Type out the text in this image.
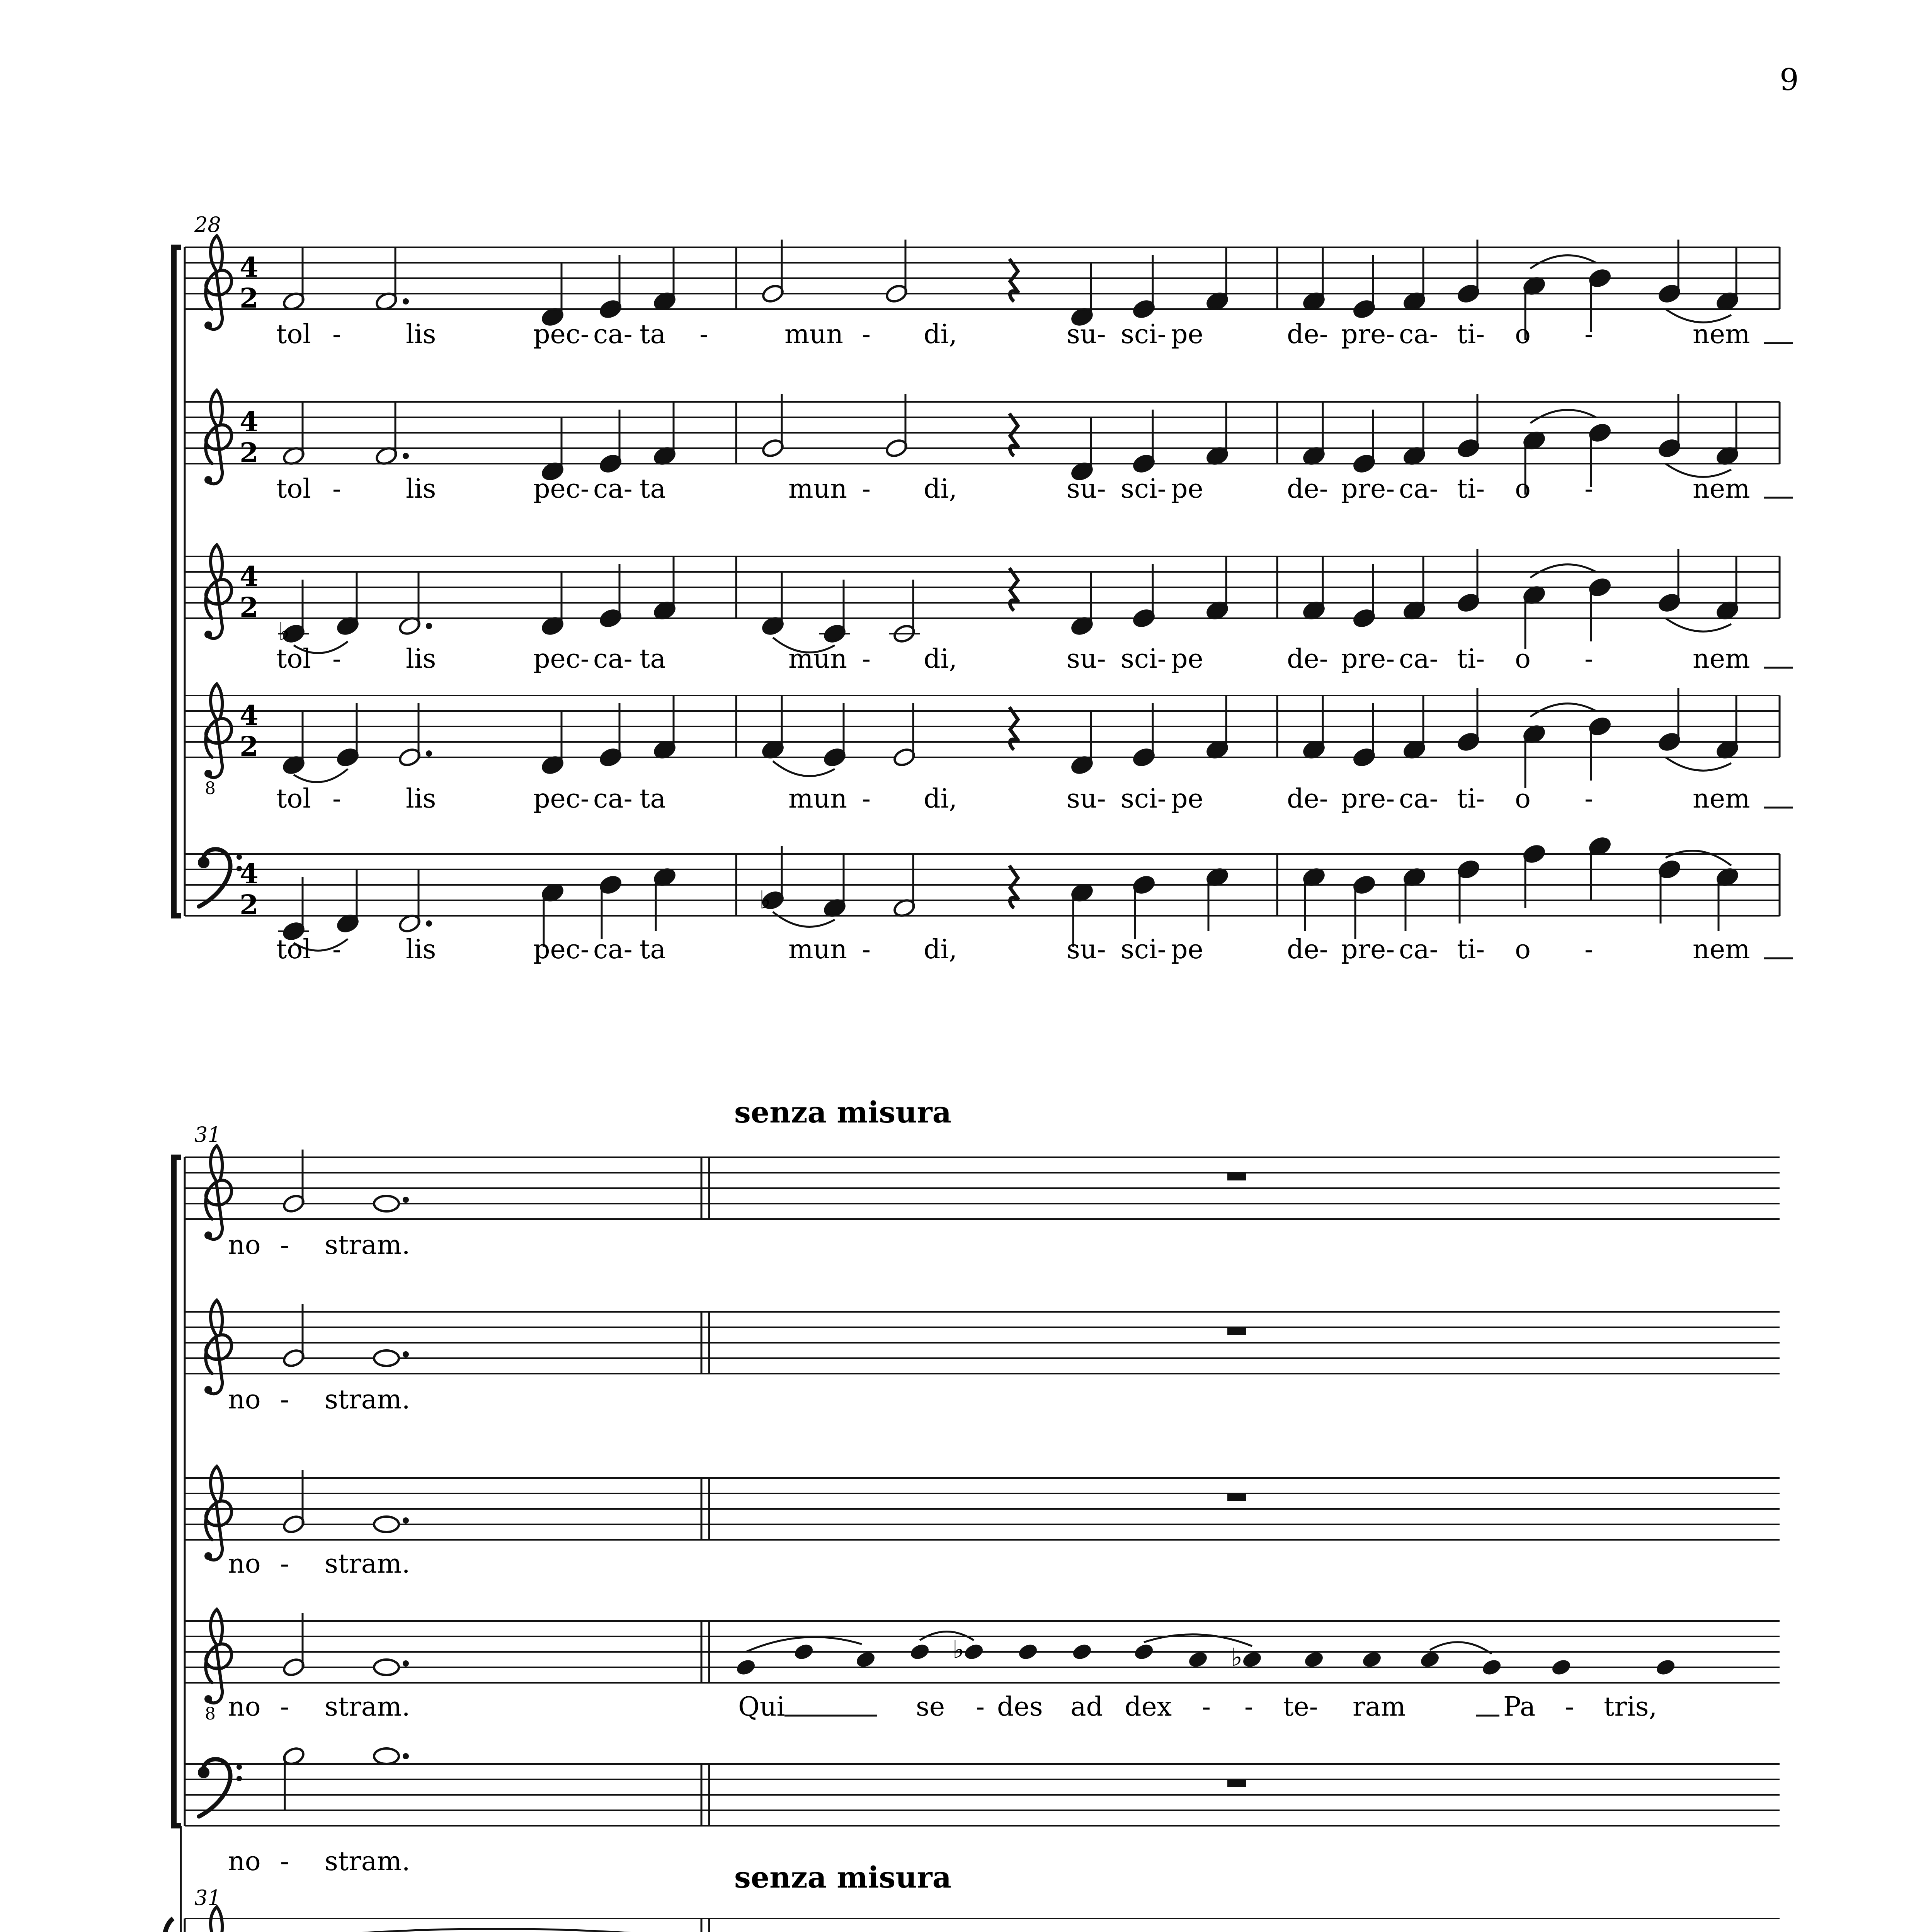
9
28
8
4
2
4
2
4
2
4
2
4
2
♭
♭
tol - lis	pec- ca- ta -	mun - di,	su- sci- pe	de- pre- ca- ti- o -	nem
tol - lis	pec- ca- ta	mun - di,	su- sci- pe	de- pre- ca- ti- o -	nem
tol - lis	pec- ca- ta	mun - di,	su- sci- pe	de- pre- ca- ti- o -	nem
tol - lis	pec- ca- ta	mun - di,	su- sci- pe	de- pre- ca- ti- o -	nem
tol - lis	pec- ca- ta	mun - di,	su- sci- pe	de- pre- ca- ti- o -	nem
senza misura
31
8
♭	♭
no - stram.
no - stram.
no - stram.
no - stram.	Qui	se - des ad dex - - te- ram	Pa - tris,
no - stram.	senza misura
31
